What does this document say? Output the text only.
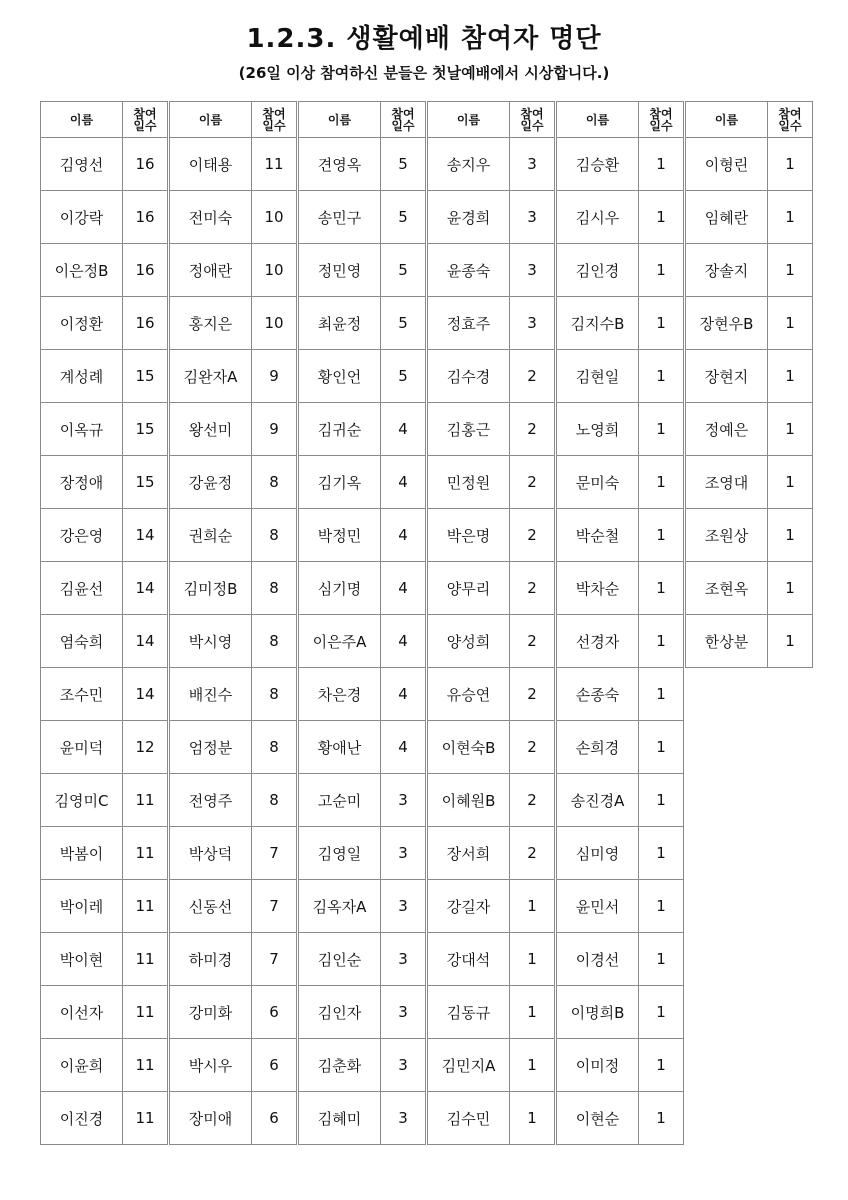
1.2.3. 생활예배 참여자 명단
(26일 이상 참여하신 분들은 첫날예배에서 시상합니다.)
이름	참여
일수
김영선	16
이강락	16
이은정B	16
이정환	16
계성례	15
이옥규	15
장정애	15
강은영	14
김윤선	14
염숙희	14
조수민	14
윤미덕	12
김영미C	11
박봄이	11
박이레	11
박이현	11
이선자	11
이윤희	11
이진경	11
이름	참여
일수
이태용	11
전미숙	10
정애란	10
홍지은	10
김완자A	9
왕선미	9
강윤정	8
권희순	8
김미정B	8
박시영	8
배진수	8
엄정분	8
전영주	8
박상덕	7
신동선	7
하미경	7
강미화	6
박시우	6
장미애	6
이름	참여
일수
견영옥	5
송민구	5
정민영	5
최윤정	5
황인언	5
김귀순	4
김기옥	4
박정민	4
심기명	4
이은주A	4
차은경	4
황애난	4
고순미	3
김영일	3
김옥자A	3
김인순	3
김인자	3
김춘화	3
김혜미	3
이름	참여
일수
송지우	3
윤경희	3
윤종숙	3
정효주	3
김수경	2
김홍근	2
민정원	2
박은명	2
양무리	2
양성희	2
유승연	2
이현숙B	2
이혜원B	2
장서희	2
강길자	1
강대석	1
김동규	1
김민지A	1
김수민	1
이름	참여
일수
김승환	1
김시우	1
김인경	1
김지수B	1
김현일	1
노영희	1
문미숙	1
박순철	1
박차순	1
선경자	1
손종숙	1
손희경	1
송진경A	1
심미영	1
윤민서	1
이경선	1
이명희B	1
이미정	1
이현순	1
이름	참여
일수
이형린	1
임혜란	1
장솔지	1
장현우B	1
장현지	1
정예은	1
조영대	1
조원상	1
조현옥	1
한상분	1
